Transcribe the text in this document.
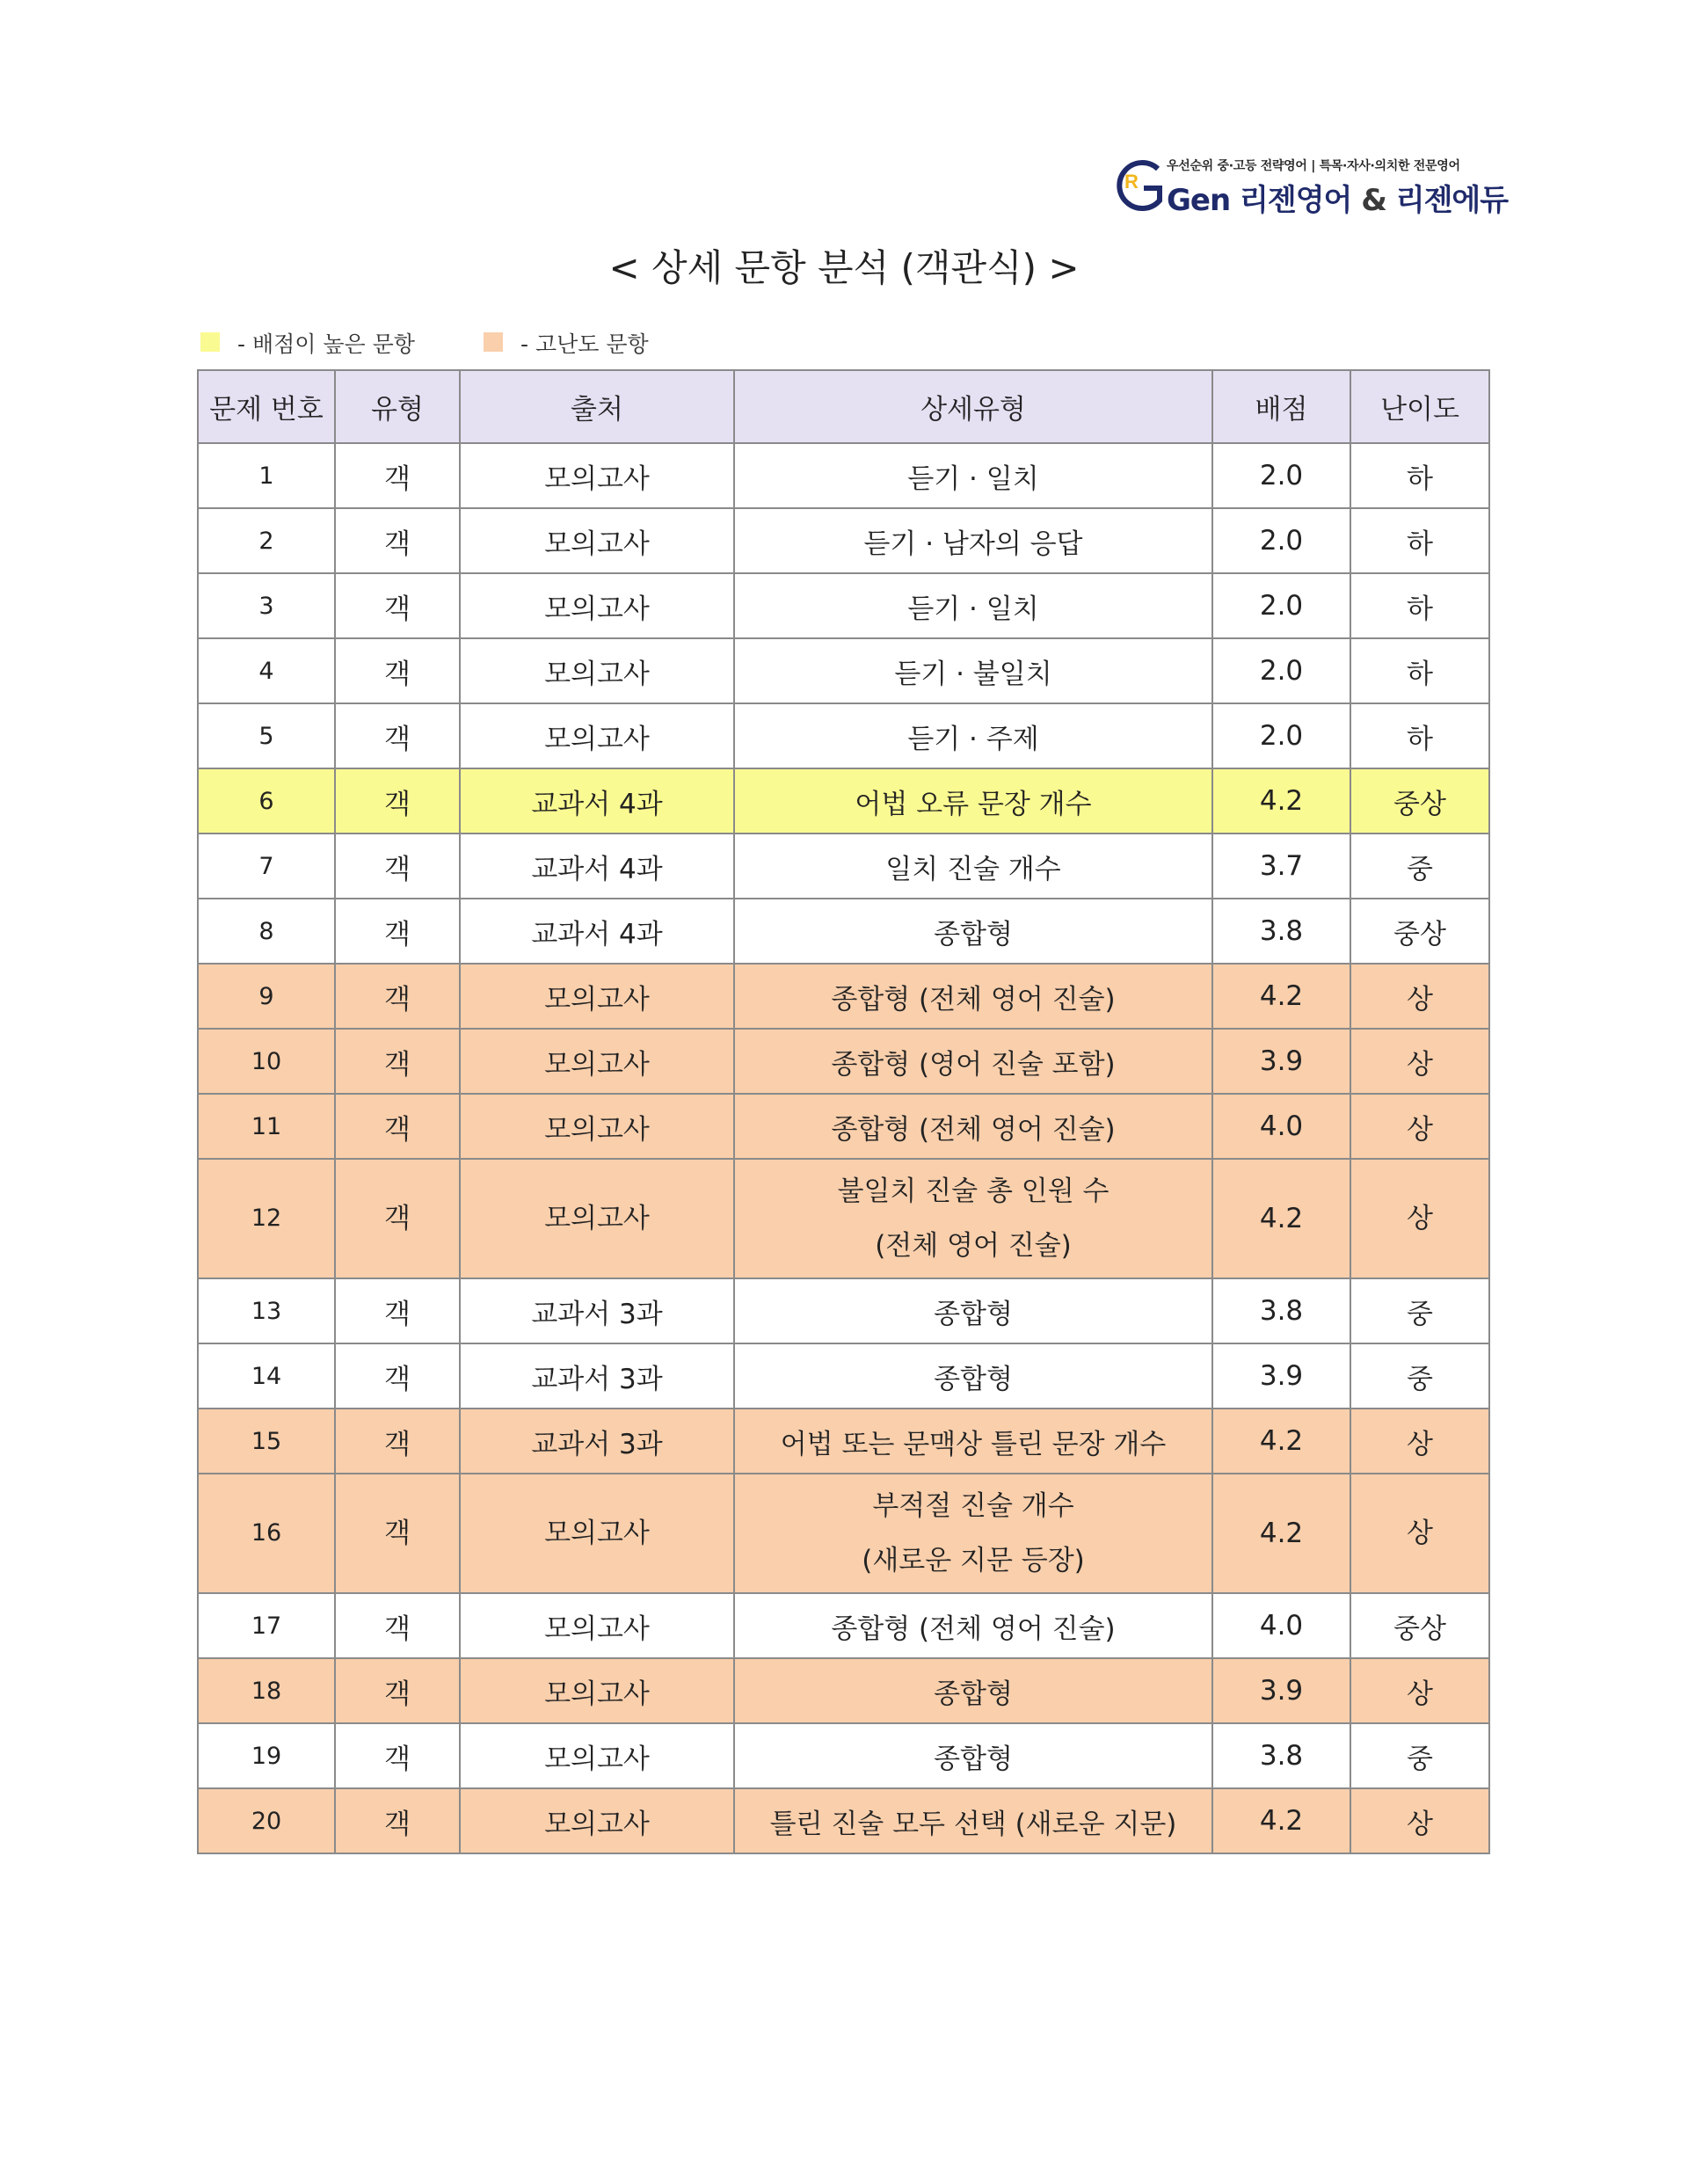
R
우선순위 중·고등 전략영어 | 특목·자사·의치한 전문영어
Gen 리젠영어 & 리젠에듀
< 상세 문항 분석 (객관식) >
- 배점이 높은 문항	- 고난도 문항
문제 번호	유형	출처	상세유형	배점	난이도
1	객	모의고사	듣기 · 일치	2.0	하
2	객	모의고사	듣기 · 남자의 응답	2.0	하
3	객	모의고사	듣기 · 일치	2.0	하
4	객	모의고사	듣기 · 불일치	2.0	하
5	객	모의고사	듣기 · 주제	2.0	하
6	객	교과서 4과	어법 오류 문장 개수	4.2	중상
7	객	교과서 4과	일치 진술 개수	3.7	중
8	객	교과서 4과	종합형	3.8	중상
9	객	모의고사	종합형 (전체 영어 진술)	4.2	상
10	객	모의고사	종합형 (영어 진술 포함)	3.9	상
11	객	모의고사	종합형 (전체 영어 진술)	4.0	상
12	객	모의고사	불일치 진술 총 인원 수
(전체 영어 진술)	4.2	상
13	객	교과서 3과	종합형	3.8	중
14	객	교과서 3과	종합형	3.9	중
15	객	교과서 3과	어법 또는 문맥상 틀린 문장 개수	4.2	상
16	객	모의고사	부적절 진술 개수
(새로운 지문 등장)	4.2	상
17	객	모의고사	종합형 (전체 영어 진술)	4.0	중상
18	객	모의고사	종합형	3.9	상
19	객	모의고사	종합형	3.8	중
20	객	모의고사	틀린 진술 모두 선택 (새로운 지문)	4.2	상
